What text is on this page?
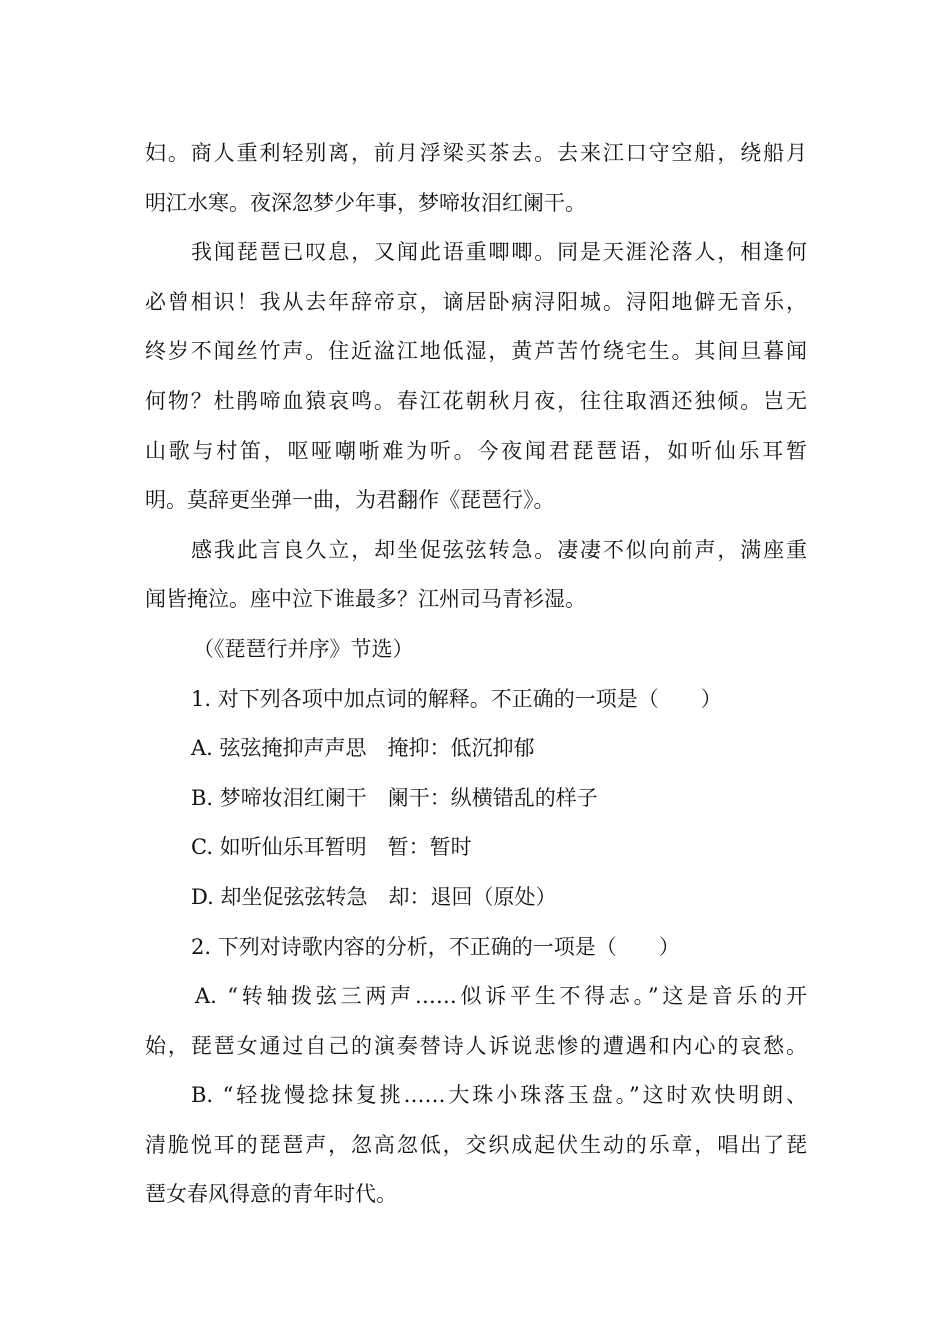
妇。商人重利轻别离，前月浮梁买茶去。去来江口守空船，绕船月

明江水寒。夜深忽梦少年事，梦啼妆泪红阑干。

我闻琵琶已叹息，又闻此语重唧唧。同是天涯沦落人，相逢何

必曾相识！我从去年辞帝京，谪居卧病浔阳城。浔阳地僻无音乐，

终岁不闻丝竹声。住近湓江地低湿，黄芦苦竹绕宅生。其间旦暮闻

何物？杜鹃啼血猿哀鸣。春江花朝秋月夜，往往取酒还独倾。岂无

山歌与村笛，呕哑嘲哳难为听。今夜闻君琵琶语，如听仙乐耳暂

明。莫辞更坐弹一曲，为君翻作《琵琶行》。

感我此言良久立，却坐促弦弦转急。凄凄不似向前声，满座重

闻皆掩泣。座中泣下谁最多？江州司马青衫湿。

（《琵琶行并序》节选）

1. 对下列各项中加点词的解释。不正确的一项是（　　）

A. 弦弦掩抑声声思　掩抑：低沉抑郁

B. 梦啼妆泪红阑干　阑干：纵横错乱的样子

C. 如听仙乐耳暂明　暂：暂时

D. 却坐促弦弦转急　却：退回（原处）

2. 下列对诗歌内容的分析，不正确的一项是（　　）

A. “转轴拨弦三两声……似诉平生不得志。”这是音乐的开

始，琵琶女通过自己的演奏替诗人诉说悲惨的遭遇和内心的哀愁。

B. “轻拢慢捻抹复挑……大珠小珠落玉盘。”这时欢快明朗、

清脆悦耳的琵琶声，忽高忽低，交织成起伏生动的乐章，唱出了琵

琶女春风得意的青年时代。
